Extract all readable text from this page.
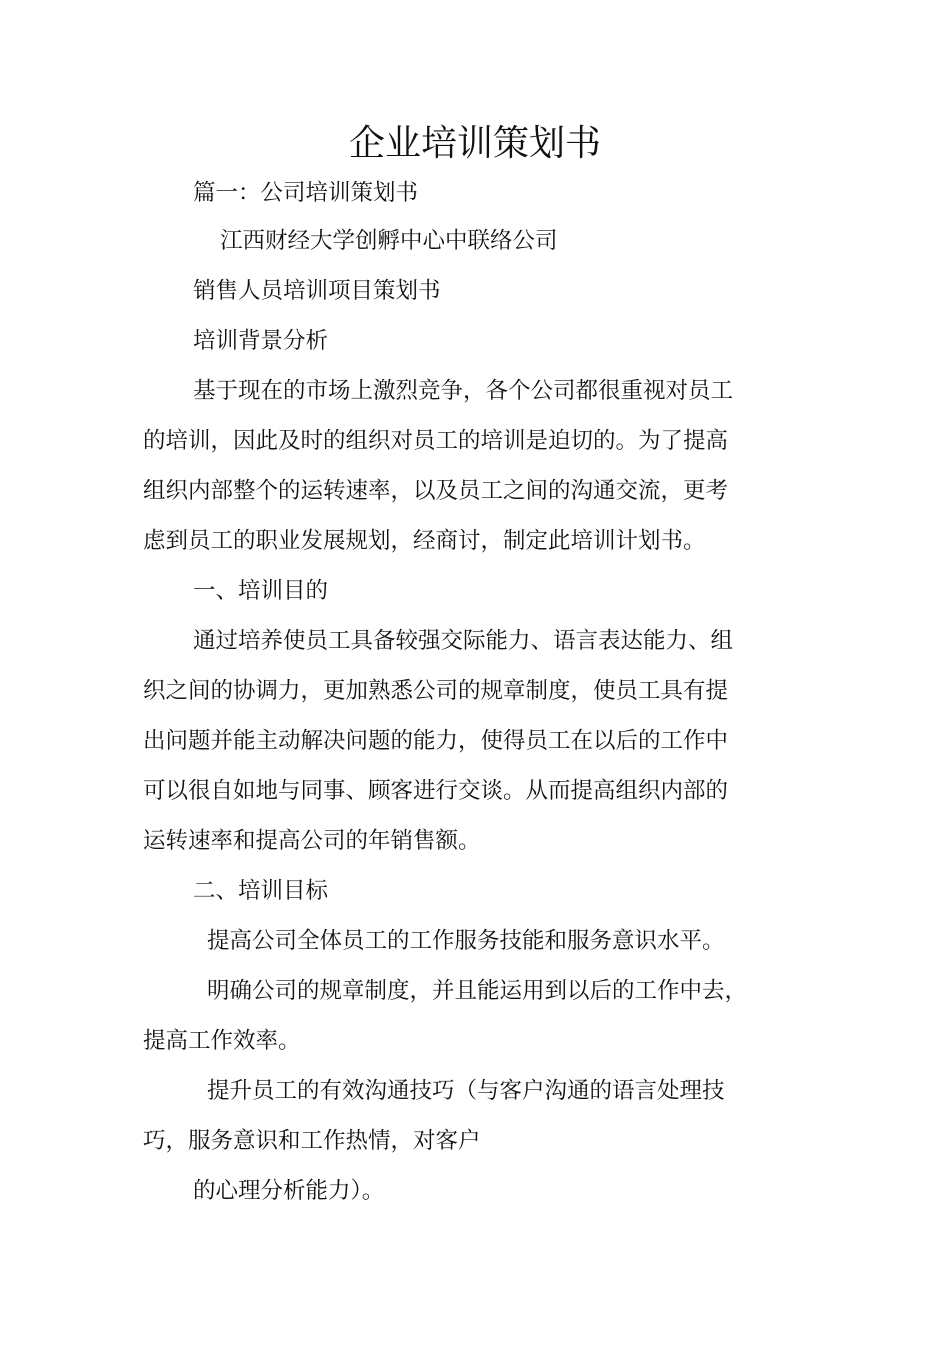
企业培训策划书
篇一：公司培训策划书
江西财经大学创孵中心中联络公司
销售人员培训项目策划书
培训背景分析
基于现在的市场上激烈竞争，各个公司都很重视对员工
的培训，因此及时的组织对员工的培训是迫切的。为了提高
组织内部整个的运转速率，以及员工之间的沟通交流，更考
虑到员工的职业发展规划，经商讨，制定此培训计划书。
一、培训目的
通过培养使员工具备较强交际能力、语言表达能力、组
织之间的协调力，更加熟悉公司的规章制度，使员工具有提
出问题并能主动解决问题的能力，使得员工在以后的工作中
可以很自如地与同事、顾客进行交谈。从而提高组织内部的
运转速率和提高公司的年销售额。
二、培训目标
提高公司全体员工的工作服务技能和服务意识水平。
明确公司的规章制度，并且能运用到以后的工作中去，
提高工作效率。
提升员工的有效沟通技巧（与客户沟通的语言处理技
巧，服务意识和工作热情，对客户
的心理分析能力）。
